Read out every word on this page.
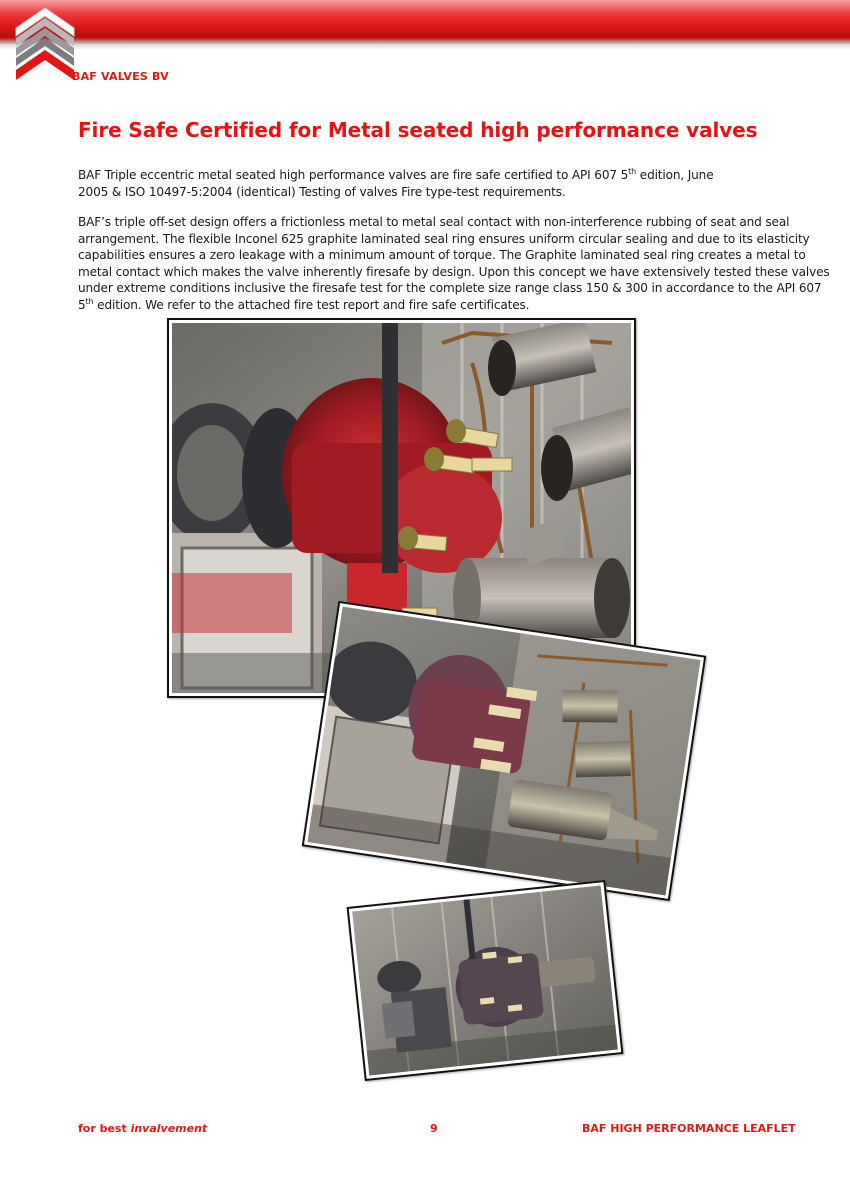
BAF VALVES BV
Fire Safe Certified for Metal seated high performance valves

BAF Triple eccentric metal seated high performance valves are fire safe certified to API 607 5th edition, June 2005 & ISO 10497-5:2004 (identical) Testing of valves Fire type-test requirements.

BAF’s triple off-set design offers a frictionless metal to metal seal contact with non-interference rubbing of seat and seal arrangement. The flexible Inconel 625 graphite laminated seal ring ensures uniform circular sealing and due to its elasticity capabilities ensures a zero leakage with a minimum amount of torque. The Graphite laminated seal ring creates a metal to metal contact which makes the valve inherently firesafe by design. Upon this concept we have extensively tested these valves under extreme conditions inclusive the firesafe test for the complete size range class 150 & 300 in accordance to the API 607 5th edition. We refer to the attached fire test report and fire safe certificates.

for best invalvement	9	BAF HIGH PERFORMANCE LEAFLET
